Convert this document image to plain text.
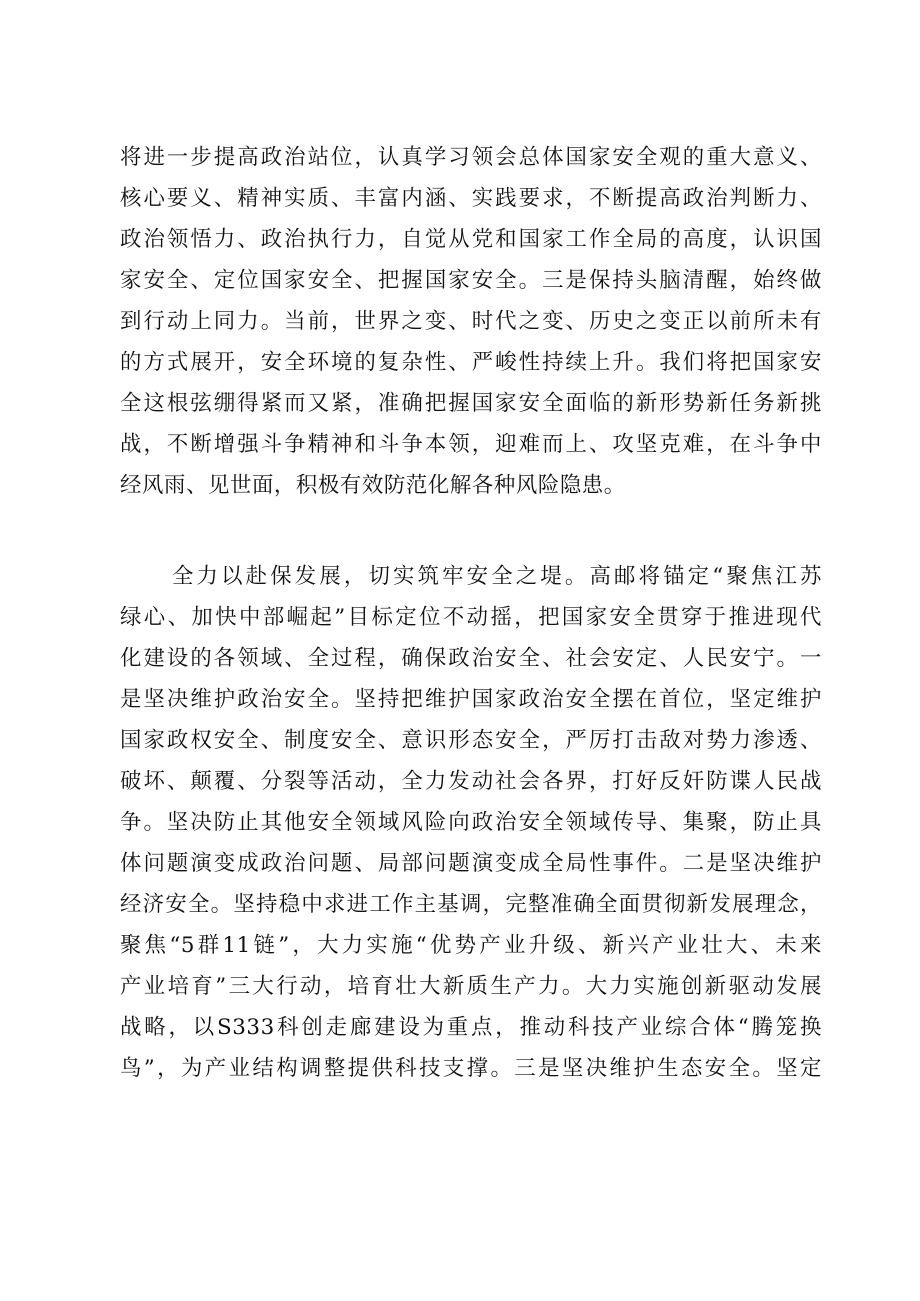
将进一步提高政治站位，认真学习领会总体国家安全观的重大意义、
核心要义、精神实质、丰富内涵、实践要求，不断提高政治判断力、
政治领悟力、政治执行力，自觉从党和国家工作全局的高度，认识国
家安全、定位国家安全、把握国家安全。三是保持头脑清醒，始终做
到行动上同力。当前，世界之变、时代之变、历史之变正以前所未有
的方式展开，安全环境的复杂性、严峻性持续上升。我们将把国家安
全这根弦绷得紧而又紧，准确把握国家安全面临的新形势新任务新挑
战，不断增强斗争精神和斗争本领，迎难而上、攻坚克难，在斗争中
经风雨、见世面，积极有效防范化解各种风险隐患。
全力以赴保发展，切实筑牢安全之堤。高邮将锚定“聚焦江苏
绿心、加快中部崛起”目标定位不动摇，把国家安全贯穿于推进现代
化建设的各领域、全过程，确保政治安全、社会安定、人民安宁。一
是坚决维护政治安全。坚持把维护国家政治安全摆在首位，坚定维护
国家政权安全、制度安全、意识形态安全，严厉打击敌对势力渗透、
破坏、颠覆、分裂等活动，全力发动社会各界，打好反奸防谍人民战
争。坚决防止其他安全领域风险向政治安全领域传导、集聚，防止具
体问题演变成政治问题、局部问题演变成全局性事件。二是坚决维护
经济安全。坚持稳中求进工作主基调，完整准确全面贯彻新发展理念，
聚焦“5群11链”，大力实施“优势产业升级、新兴产业壮大、未来
产业培育”三大行动，培育壮大新质生产力。大力实施创新驱动发展
战略，以S333科创走廊建设为重点，推动科技产业综合体“腾笼换
鸟”，为产业结构调整提供科技支撑。三是坚决维护生态安全。坚定
